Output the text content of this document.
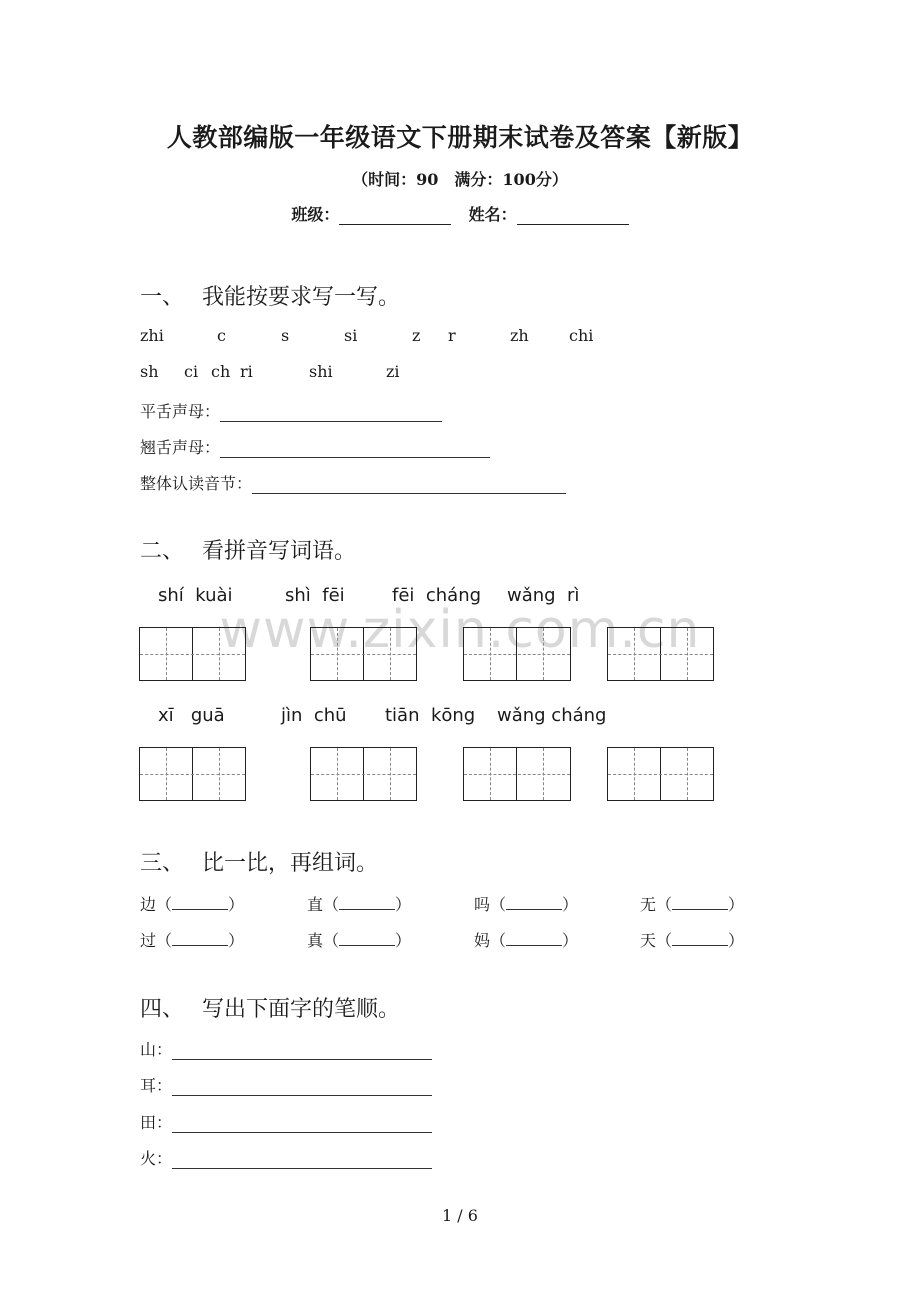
www.zixin.com.cn
人教部编版一年级语文下册期末试卷及答案【新版】
（时间：90　满分：100分）
班级：	姓名：
一、 我能按要求写一写。
zhi	c	s	si	z r	zh	chi
sh ci ch ri	shi	zi
平舌声母：
翘舌声母：
整体认读音节：
二、 看拼音写词语。
shí  kuài	shì  fēi	fēi  cháng wǎng  rì
xī   guā	jìn  chū tiān  kōng wǎng cháng
三、 比一比，再组词。
边（	）	直（	）	吗（	）	无（	）
过（	）	真（	）	妈（	）	天（	）
四、 写出下面字的笔顺。
山：
耳：
田：
火：
1 / 6
